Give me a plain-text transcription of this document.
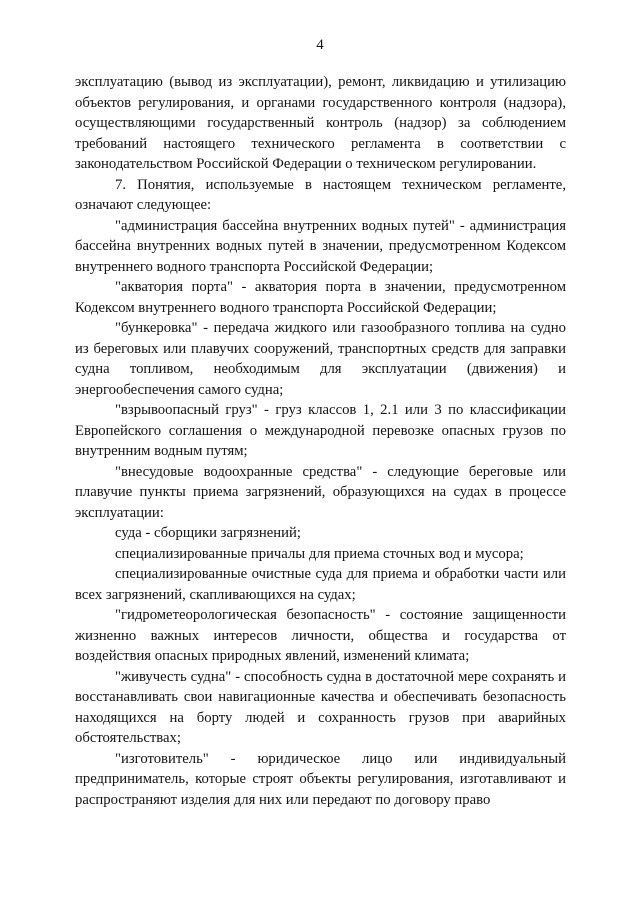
4

эксплуатацию (вывод из эксплуатации), ремонт, ликвидацию и утилизацию объектов регулирования, и органами государственного контроля (надзора), осуществляющими государственный контроль (надзор) за соблюдением требований настоящего технического регламента в соответствии с законодательством Российской Федерации о техническом регулировании.

7. Понятия, используемые в настоящем техническом регламенте, означают следующее:

"администрация бассейна внутренних водных путей" - администрация бассейна внутренних водных путей в значении, предусмотренном Кодексом внутреннего водного транспорта Российской Федерации;

"акватория порта" - акватория порта в значении, предусмотренном Кодексом внутреннего водного транспорта Российской Федерации;

"бункеровка" - передача жидкого или газообразного топлива на судно из береговых или плавучих сооружений, транспортных средств для заправки судна топливом, необходимым для эксплуатации (движения) и энергообеспечения самого судна;

"взрывоопасный груз" - груз классов 1, 2.1 или 3 по классификации Европейского соглашения о международной перевозке опасных грузов по внутренним водным путям;

"внесудовые водоохранные средства" - следующие береговые или плавучие пункты приема загрязнений, образующихся на судах в процессе эксплуатации:

суда - сборщики загрязнений;

специализированные причалы для приема сточных вод и мусора;

специализированные очистные суда для приема и обработки части или всех загрязнений, скапливающихся на судах;

"гидрометеорологическая безопасность" - состояние защищенности жизненно важных интересов личности, общества и государства от воздействия опасных природных явлений, изменений климата;

"живучесть судна" - способность судна в достаточной мере сохранять и восстанавливать свои навигационные качества и обеспечивать безопасность находящихся на борту людей и сохранность грузов при аварийных обстоятельствах;

"изготовитель" - юридическое лицо или индивидуальный предприниматель, которые строят объекты регулирования, изготавливают и распространяют изделия для них или передают по договору право
